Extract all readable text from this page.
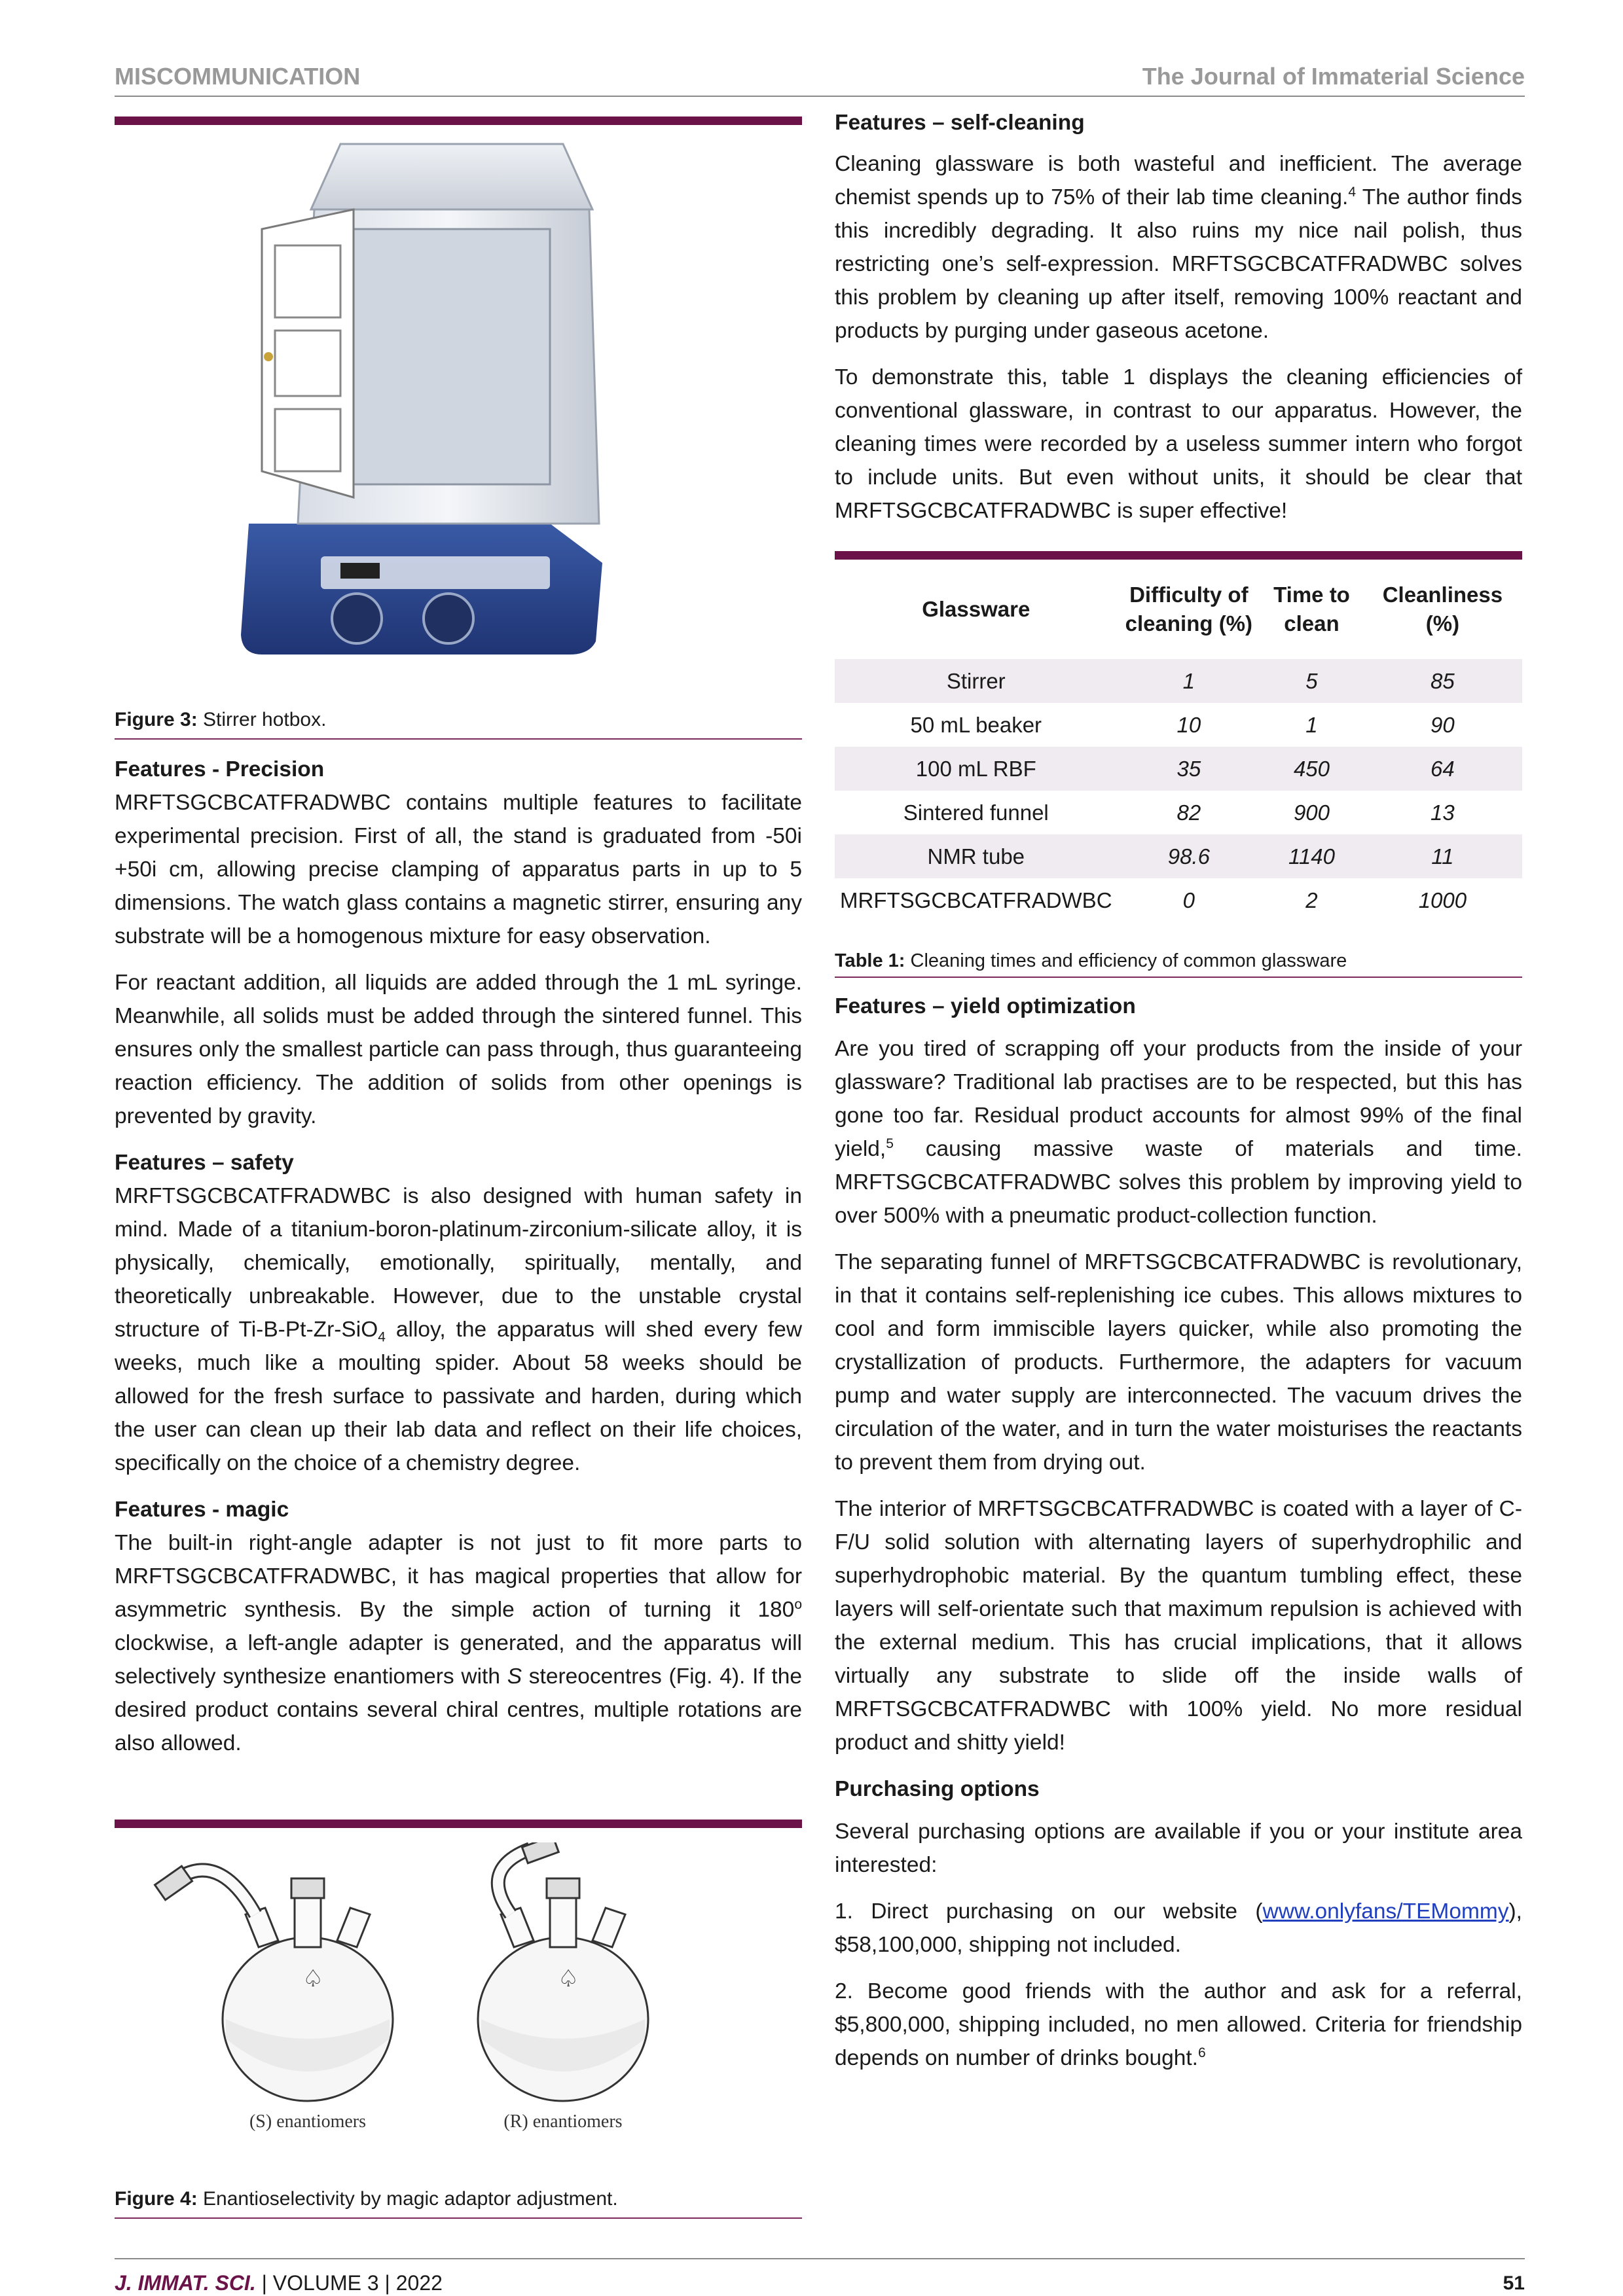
MISCOMMUNICATION	The Journal of Immaterial Science
Figure 3: Stirrer hotbox.
Features - Precision

MRFTSGCBCATFRADWBC contains multiple features to facilitate experimental precision. First of all, the stand is graduated from -50i +50i cm, allowing precise clamping of apparatus parts in up to 5 dimensions. The watch glass contains a magnetic stirrer, ensuring any substrate will be a homogenous mixture for easy observation.

For reactant addition, all liquids are added through the 1 mL syringe. Meanwhile, all solids must be added through the sintered funnel. This ensures only the smallest particle can pass through, thus guaranteeing reaction efficiency. The addition of solids from other openings is prevented by gravity.

Features – safety

MRFTSGCBCATFRADWBC is also designed with human safety in mind. Made of a titanium-boron-platinum-zirconium-silicate alloy, it is physically, chemically, emotionally, spiritually, mentally, and theoretically unbreakable. However, due to the unstable crystal structure of Ti-B-Pt-Zr-SiO$_4$ alloy, the apparatus will shed every few weeks, much like a moulting spider. About 58 weeks should be allowed for the fresh surface to passivate and harden, during which the user can clean up their lab data and reflect on their life choices, specifically on the choice of a chemistry degree.

Features - magic

The built-in right-angle adapter is not just to fit more parts to MRFTSGCBCATFRADWBC, it has magical properties that allow for asymmetric synthesis. By the simple action of turning it 180$^o$ clockwise, a left-angle adapter is generated, and the apparatus will selectively synthesize enantiomers with S stereocentres (Fig. 4). If the desired product contains several chiral centres, multiple rotations are also allowed.

♤	♤
(S) enantiomers	(R) enantiomers
Figure 4: Enantioselectivity by magic adaptor adjustment.
Features – self-cleaning

Cleaning glassware is both wasteful and inefficient. The average chemist spends up to 75% of their lab time cleaning.$^4$ The author finds this incredibly degrading. It also ruins my nice nail polish, thus restricting one’s self-expression. MRFTSGCBCATFRADWBC solves this problem by cleaning up after itself, removing 100% reactant and products by purging under gaseous acetone.

To demonstrate this, table 1 displays the cleaning efficiencies of conventional glassware, in contrast to our apparatus. However, the cleaning times were recorded by a useless summer intern who forgot to include units. But even without units, it should be clear that MRFTSGCBCATFRADWBC is super effective!

Glassware	Difficulty of cleaning (%)	Time to clean	Cleanliness (%)
Stirrer	1	5	85
50 mL beaker	10	1	90
100 mL RBF	35	450	64
Sintered funnel	82	900	13
NMR tube	98.6	1140	11
MRFTSGCBCATFRADWBC	0	2	1000
Table 1: Cleaning times and efficiency of common glassware
Features – yield optimization

Are you tired of scrapping off your products from the inside of your glassware? Traditional lab practises are to be respected, but this has gone too far. Residual product accounts for almost 99% of the final yield,$^5$ causing massive waste of materials and time. MRFTSGCBCATFRADWBC solves this problem by improving yield to over 500% with a pneumatic product-collection function.

The separating funnel of MRFTSGCBCATFRADWBC is revolutionary, in that it contains self-replenishing ice cubes. This allows mixtures to cool and form immiscible layers quicker, while also promoting the crystallization of products. Furthermore, the adapters for vacuum pump and water supply are interconnected. The vacuum drives the circulation of the water, and in turn the water moisturises the reactants to prevent them from drying out.

The interior of MRFTSGCBCATFRADWBC is coated with a layer of C-F/U solid solution with alternating layers of superhydrophilic and superhydrophobic material. By the quantum tumbling effect, these layers will self-orientate such that maximum repulsion is achieved with the external medium. This has crucial implications, that it allows virtually any substrate to slide off the inside walls of MRFTSGCBCATFRADWBC with 100% yield. No more residual product and shitty yield!

Purchasing options

Several purchasing options are available if you or your institute area interested:

1. Direct purchasing on our website (www.onlyfans/TEMommy), $58,100,000, shipping not included.

2. Become good friends with the author and ask for a referral, $5,800,000, shipping included, no men allowed. Criteria for friendship depends on number of drinks bought.$^6$

J. IMMAT. SCI. | VOLUME 3 | 2022	51
